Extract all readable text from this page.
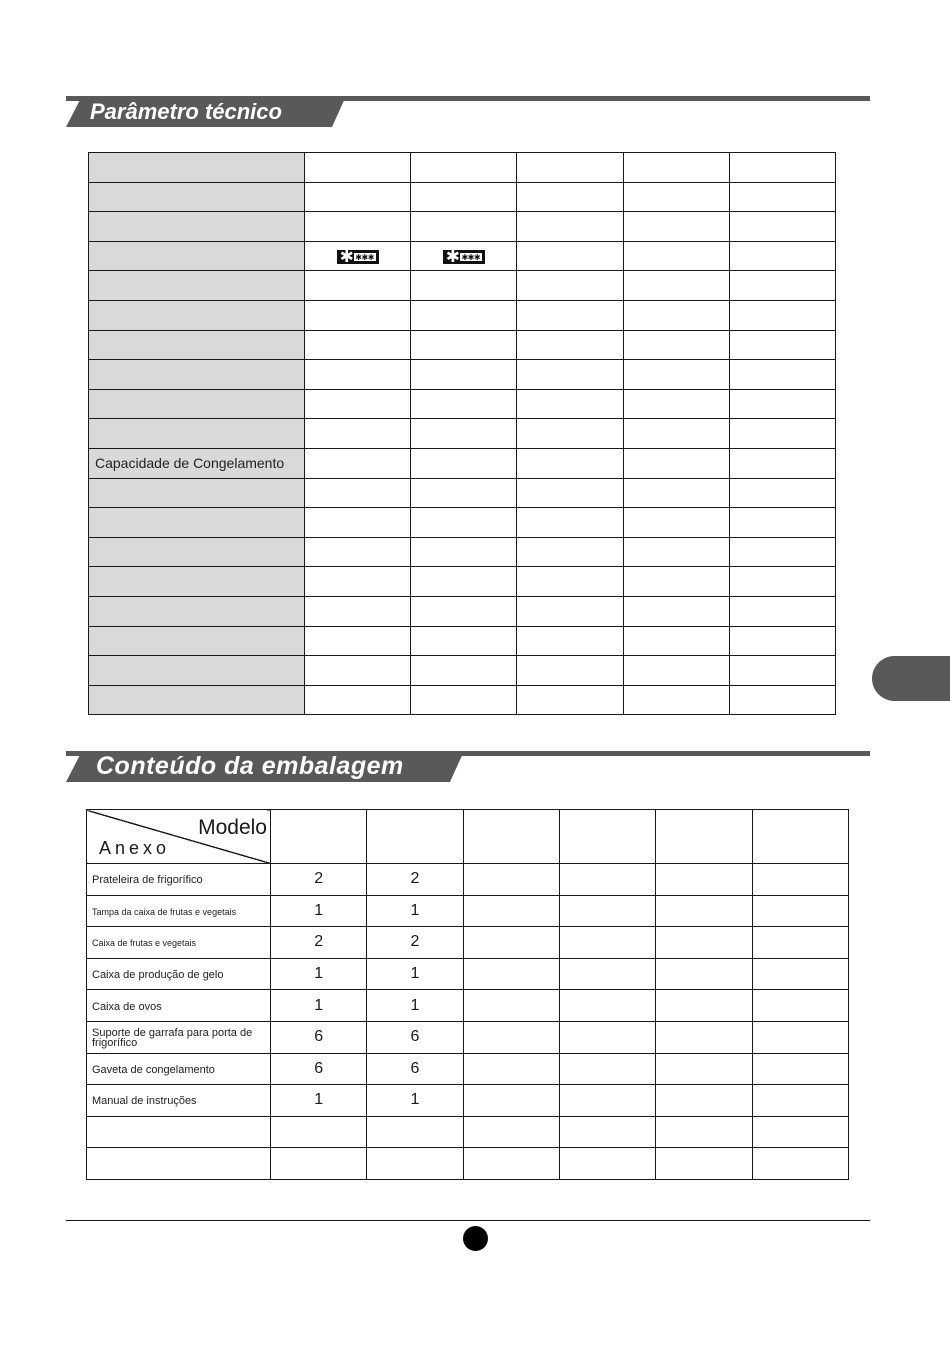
Parâmetro técnico

	✱ ✱✱✱	✱ ✱✱✱			

Capacidade de Congelamento					

Conteúdo da embalagem
Modelo
Anexo						

Prateleira de frigorífico	2	2				
Tampa da caixa de frutas e vegetais	1	1				
Caixa de frutas e vegetais	2	2				
Caixa de produção de gelo	1	1				
Caixa de ovos	1	1				
Suporte de garrafa para porta de frigorífico	6	6				
Gaveta de congelamento	6	6				
Manual de instruções	1	1				
